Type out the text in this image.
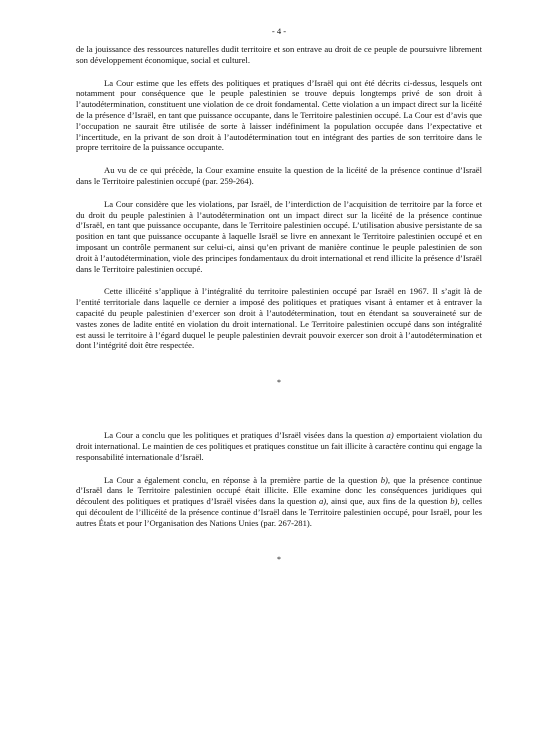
- 4 -

de la jouissance des ressources naturelles dudit territoire et son entrave au droit de ce peuple de poursuivre librement son développement économique, social et culturel.

La Cour estime que les effets des politiques et pratiques d’Israël qui ont été décrits ci-dessus, lesquels ont notamment pour conséquence que le peuple palestinien se trouve depuis longtemps privé de son droit à l’autodétermination, constituent une violation de ce droit fondamental. Cette violation a un impact direct sur la licéité de la présence d’Israël, en tant que puissance occupante, dans le Territoire palestinien occupé. La Cour est d’avis que l’occupation ne saurait être utilisée de sorte à laisser indéfiniment la population occupée dans l’expectative et l’incertitude, en la privant de son droit à l’autodétermination tout en intégrant des parties de son territoire dans le propre territoire de la puissance occupante.

Au vu de ce qui précède, la Cour examine ensuite la question de la licéité de la présence continue d’Israël dans le Territoire palestinien occupé (par. 259-264).

La Cour considère que les violations, par Israël, de l’interdiction de l’acquisition de territoire par la force et du droit du peuple palestinien à l’autodétermination ont un impact direct sur la licéité de la présence continue d’Israël, en tant que puissance occupante, dans le Territoire palestinien occupé. L’utilisation abusive persistante de sa position en tant que puissance occupante à laquelle Israël se livre en annexant le Territoire palestinien occupé et en imposant un contrôle permanent sur celui-ci, ainsi qu’en privant de manière continue le peuple palestinien de son droit à l’autodétermination, viole des principes fondamentaux du droit international et rend illicite la présence d’Israël dans le Territoire palestinien occupé.

Cette illicéité s’applique à l’intégralité du territoire palestinien occupé par Israël en 1967. Il s’agit là de l’entité territoriale dans laquelle ce dernier a imposé des politiques et pratiques visant à entamer et à entraver la capacité du peuple palestinien d’exercer son droit à l’autodétermination, tout en étendant sa souveraineté sur de vastes zones de ladite entité en violation du droit international. Le Territoire palestinien occupé dans son intégralité est aussi le territoire à l’égard duquel le peuple palestinien devrait pouvoir exercer son droit à l’autodétermination et dont l’intégrité doit être respectée.

*

La Cour a conclu que les politiques et pratiques d’Israël visées dans la question a) emportaient violation du droit international. Le maintien de ces politiques et pratiques constitue un fait illicite à caractère continu qui engage la responsabilité internationale d’Israël.

La Cour a également conclu, en réponse à la première partie de la question b), que la présence continue d’Israël dans le Territoire palestinien occupé était illicite. Elle examine donc les conséquences juridiques qui découlent des politiques et pratiques d’Israël visées dans la question a), ainsi que, aux fins de la question b), celles qui découlent de l’illicéité de la présence continue d’Israël dans le Territoire palestinien occupé, pour Israël, pour les autres États et pour l’Organisation des Nations Unies (par. 267-281).

*
